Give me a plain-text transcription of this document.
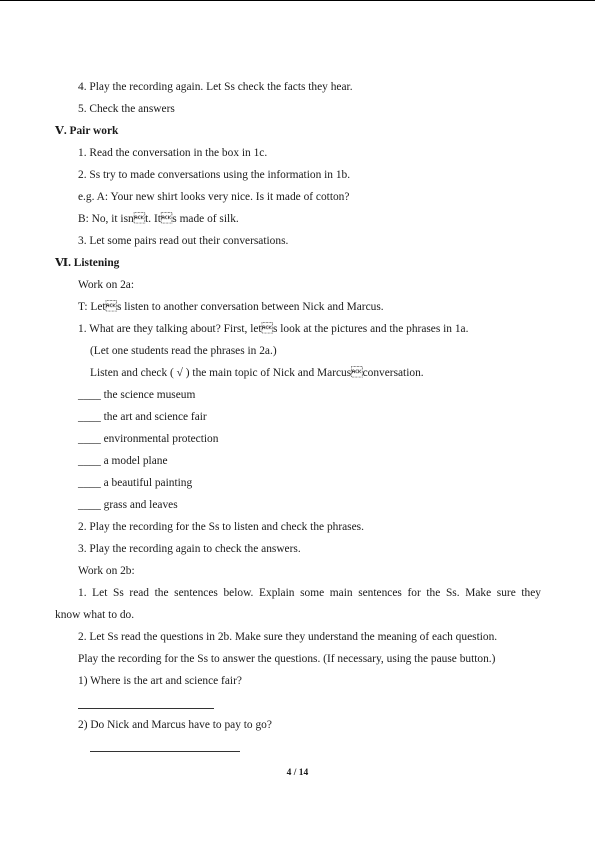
4. Play the recording again. Let Ss check the facts they hear.
5. Check the answers
Ⅴ. Pair work
1. Read the conversation in the box in 1c.
2. Ss try to made conversations using the information in 1b.
e.g. A: Your new shirt looks very nice. Is it made of cotton?
B: No, it isnt. Its made of silk.
3. Let some pairs read out their conversations.
Ⅵ. Listening
Work on 2a:
T: Lets listen to another conversation between Nick and Marcus.
1. What are they talking about? First, lets look at the pictures and the phrases in 1a.
(Let one students read the phrases in 2a.)
Listen and check ( √ ) the main topic of Nick and Marcusconversation.
____ the science museum
____ the art and science fair
____ environmental protection
____ a model plane
____ a beautiful painting
____ grass and leaves
2. Play the recording for the Ss to listen and check the phrases.
3. Play the recording again to check the answers.
Work on 2b:
1. Let Ss read the sentences below. Explain some main sentences for the Ss. Make sure they
know what to do.
2. Let Ss read the questions in 2b. Make sure they understand the meaning of each question.
Play the recording for the Ss to answer the questions. (If necessary, using the pause button.)
1) Where is the art and science fair?
2) Do Nick and Marcus have to pay to go?
4 / 14
